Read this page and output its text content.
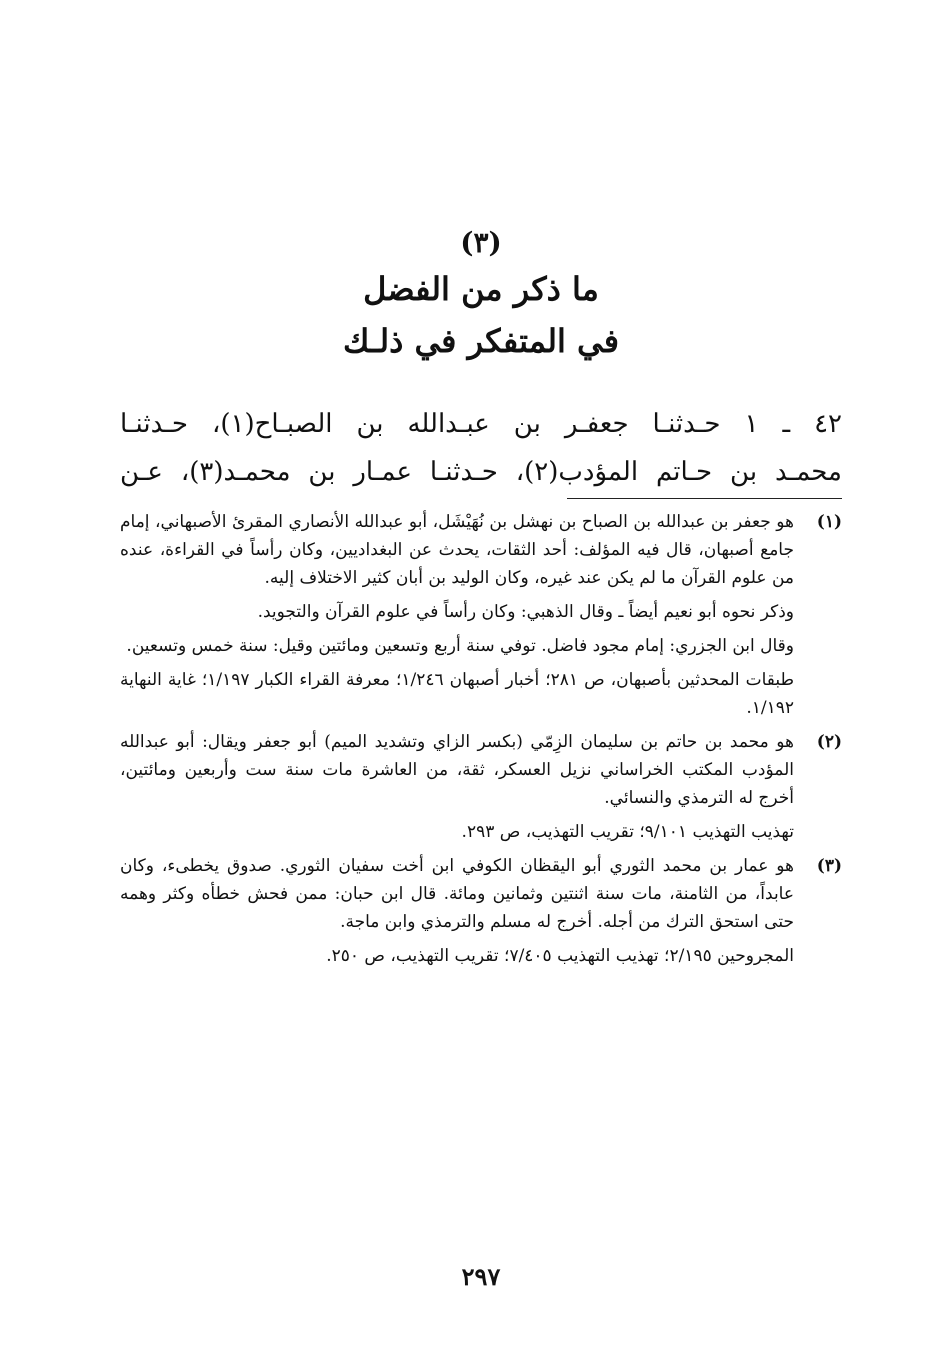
(٣)
ما ذكر من الفضل
في المتفكر في ذلـك
٤٢ ـ ١ حـدثنـا جعفـر بن عبـدالله بن الصبـاح(١)، حـدثنـا
محمـد بن حـاتم المؤدب(٢)، حـدثنـا عمـار بن محمـد(٣)، عـن
(١)

هو جعفر بن عبدالله بن الصباح بن نهشل بن نُهَيْشَل، أبو عبدالله الأنصاري المقرئ الأصبهاني، إمام جامع أصبهان، قال فيه المؤلف: أحد الثقات، يحدث عن البغداديين، وكان رأساً في القراءة، عنده من علوم القرآن ما لم يكن عند غيره، وكان الوليد بن أبان كثير الاختلاف إليه.

وذكر نحوه أبو نعيم أيضاً ـ وقال الذهبي: وكان رأساً في علوم القرآن والتجويد.

وقال ابن الجزري: إمام مجود فاضل. توفي سنة أربع وتسعين ومائتين وقيل: سنة خمس وتسعين.

طبقات المحدثين بأصبهان، ص ٢٨١؛ أخبار أصبهان ١/٢٤٦؛ معرفة القراء الكبار ١/١٩٧؛ غاية النهاية ١/١٩٢.

(٢)

هو محمد بن حاتم بن سليمان الزِمّي (بكسر الزاي وتشديد الميم) أبو جعفر ويقال: أبو عبدالله المؤدب المكتب الخراساني نزيل العسكر، ثقة، من العاشرة مات سنة ست وأربعين ومائتين، أخرج له الترمذي والنسائي.

تهذيب التهذيب ٩/١٠١؛ تقريب التهذيب، ص ٢٩٣.

(٣)

هو عمار بن محمد الثوري أبو اليقظان الكوفي ابن أخت سفيان الثوري. صدوق يخطىء، وكان عابداً، من الثامنة، مات سنة اثنتين وثمانين ومائة. قال ابن حبان: ممن فحش خطأه وكثر وهمه حتى استحق الترك من أجله. أخرج له مسلم والترمذي وابن ماجة.

المجروحين ٢/١٩٥؛ تهذيب التهذيب ٧/٤٠٥؛ تقريب التهذيب، ص ٢٥٠.

٢٩٧
